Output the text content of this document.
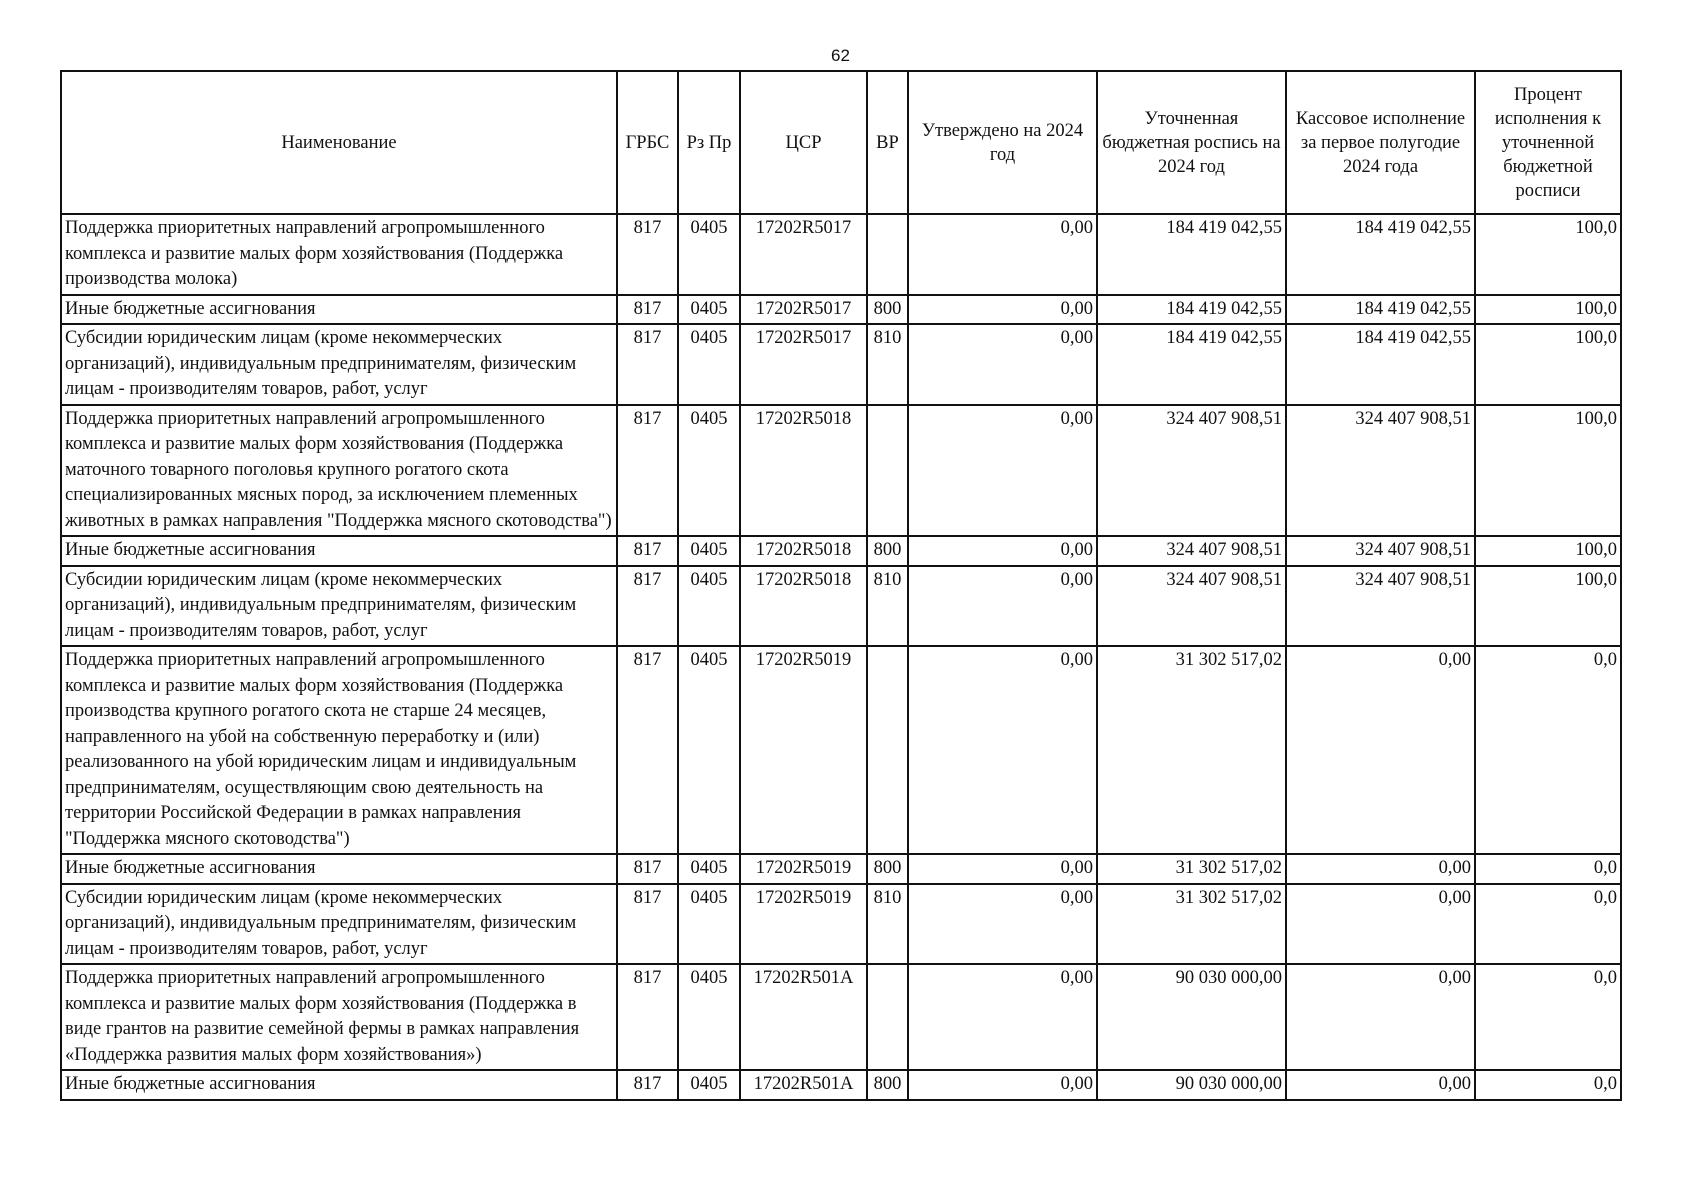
62
Наименование	ГРБС	Рз Пр	ЦСР	ВР	Утверждено на 2024 год	Уточненная бюджетная роспись на 2024 год	Кассовое исполнение за первое полугодие 2024 года	Процент исполнения к уточненной бюджетной росписи
Поддержка приоритетных направлений агропромышленного комплекса и развитие малых форм хозяйствования (Поддержка производства молока)	817	0405	17202R5017		0,00	184 419 042,55	184 419 042,55	100,0
Иные бюджетные ассигнования	817	0405	17202R5017	800	0,00	184 419 042,55	184 419 042,55	100,0
Субсидии юридическим лицам (кроме некоммерческих организаций), индивидуальным предпринимателям, физическим лицам - производителям товаров, работ, услуг	817	0405	17202R5017	810	0,00	184 419 042,55	184 419 042,55	100,0
Поддержка приоритетных направлений агропромышленного комплекса и развитие малых форм хозяйствования (Поддержка маточного товарного поголовья крупного рогатого скота специализированных мясных пород, за исключением племенных животных в рамках направления "Поддержка мясного скотоводства")	817	0405	17202R5018		0,00	324 407 908,51	324 407 908,51	100,0
Иные бюджетные ассигнования	817	0405	17202R5018	800	0,00	324 407 908,51	324 407 908,51	100,0
Субсидии юридическим лицам (кроме некоммерческих организаций), индивидуальным предпринимателям, физическим лицам - производителям товаров, работ, услуг	817	0405	17202R5018	810	0,00	324 407 908,51	324 407 908,51	100,0
Поддержка приоритетных направлений агропромышленного комплекса и развитие малых форм хозяйствования (Поддержка производства крупного рогатого скота не старше 24 месяцев, направленного на убой на собственную переработку и (или) реализованного на убой юридическим лицам и индивидуальным предпринимателям, осуществляющим свою деятельность на территории Российской Федерации в рамках направления "Поддержка мясного скотоводства")	817	0405	17202R5019		0,00	31 302 517,02	0,00	0,0
Иные бюджетные ассигнования	817	0405	17202R5019	800	0,00	31 302 517,02	0,00	0,0
Субсидии юридическим лицам (кроме некоммерческих организаций), индивидуальным предпринимателям, физическим лицам - производителям товаров, работ, услуг	817	0405	17202R5019	810	0,00	31 302 517,02	0,00	0,0
Поддержка приоритетных направлений агропромышленного комплекса и развитие малых форм хозяйствования (Поддержка в виде грантов на развитие семейной фермы в рамках направления «Поддержка развития малых форм хозяйствования»)	817	0405	17202R501A		0,00	90 030 000,00	0,00	0,0
Иные бюджетные ассигнования	817	0405	17202R501A	800	0,00	90 030 000,00	0,00	0,0
